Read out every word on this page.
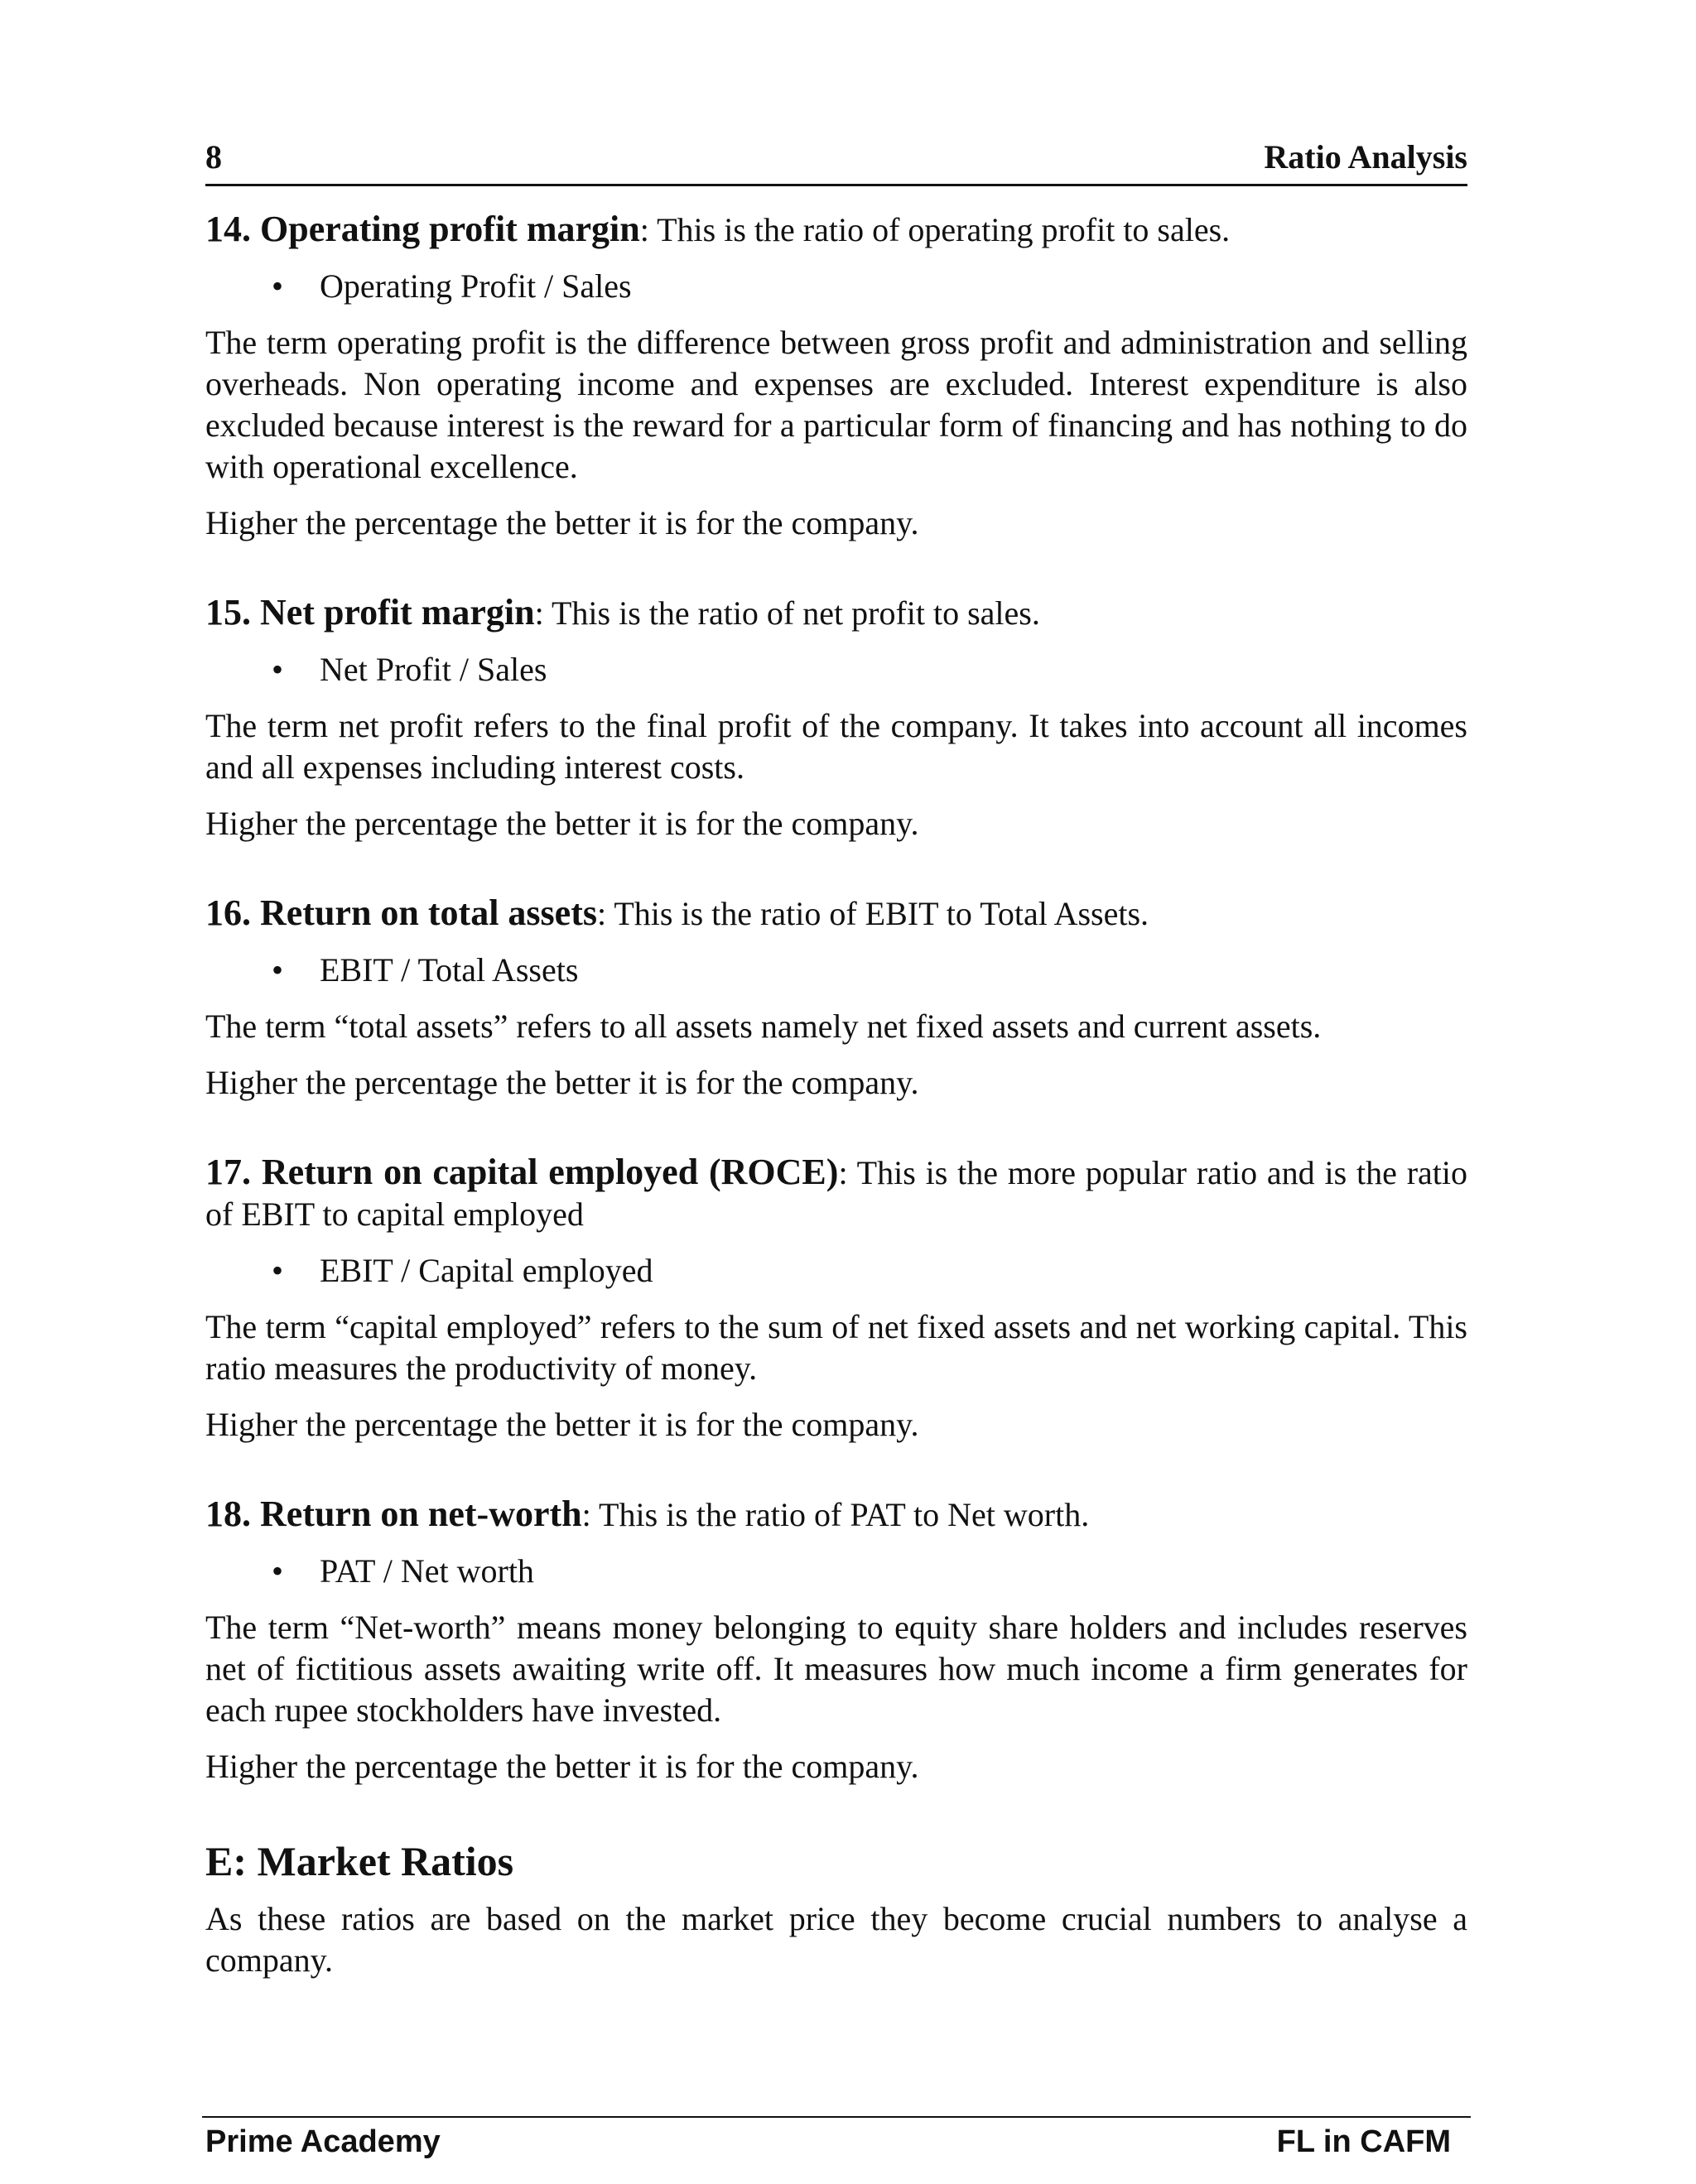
8	Ratio Analysis

14. Operating profit margin: This is the ratio of operating profit to sales.

• Operating Profit / Sales

The term operating profit is the difference between gross profit and administration and selling overheads. Non operating income and expenses are excluded. Interest expenditure is also excluded because interest is the reward for a particular form of financing and has nothing to do with operational excellence.

Higher the percentage the better it is for the company.

15. Net profit margin: This is the ratio of net profit to sales.

• Net Profit / Sales

The term net profit refers to the final profit of the company. It takes into account all incomes and all expenses including interest costs.

Higher the percentage the better it is for the company.

16. Return on total assets: This is the ratio of EBIT to Total Assets.

• EBIT / Total Assets

The term “total assets” refers to all assets namely net fixed assets and current assets.

Higher the percentage the better it is for the company.

17. Return on capital employed (ROCE): This is the more popular ratio and is the ratio of EBIT to capital employed

• EBIT / Capital employed

The term “capital employed” refers to the sum of net fixed assets and net working capital. This ratio measures the productivity of money.

Higher the percentage the better it is for the company.

18. Return on net-worth: This is the ratio of PAT to Net worth.

• PAT / Net worth

The term “Net-worth” means money belonging to equity share holders and includes reserves net of fictitious assets awaiting write off. It measures how much income a firm generates for each rupee stockholders have invested.

Higher the percentage the better it is for the company.

E: Market Ratios

As these ratios are based on the market price they become crucial numbers to analyse a company.

Prime Academy	FL in CAFM
